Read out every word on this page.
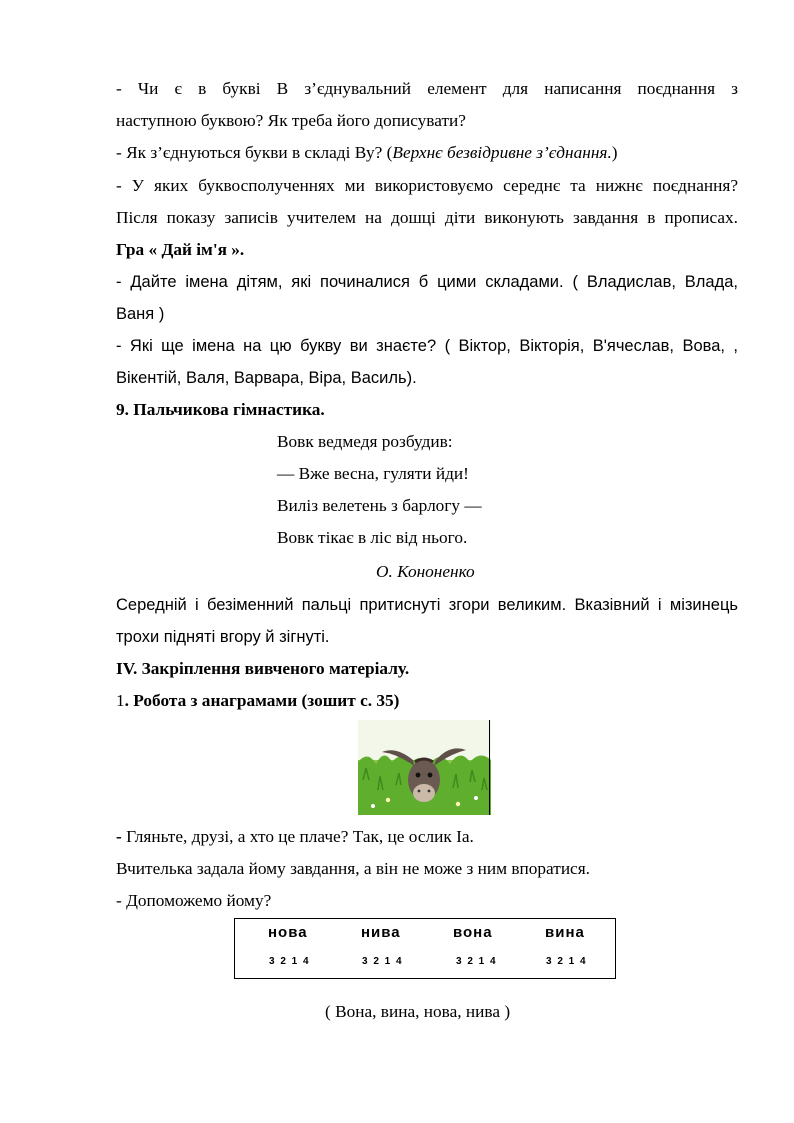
- Чи є в букві В з’єднувальний елемент для написання поєднання з
наступною буквою? Як треба його дописувати?
- Як з’єднуються букви в складі Ву? (Верхнє безвідривне з’єднання.)
- У яких буквосполученнях ми використовуємо середнє та нижнє поєднання?
Після показу записів учителем на дошці діти виконують завдання в прописах.
Гра « Дай ім'я ».
- Дайте імена дітям, які починалися б цими складами. ( Владислав, Влада,
Ваня )
- Які ще імена на цю букву ви знаєте? ( Віктор, Вікторія, В'ячеслав, Вова, ,
Вікентій, Валя, Варвара, Віра, Василь).
9. Пальчикова гімнастика.
Вовк ведмедя розбудив:
— Вже весна, гуляти йди!
Виліз велетень з барлогу —
Вовк тікає в ліс від нього.
О. Кононенко
Середній і безіменний пальці притиснуті згори великим. Вказівний і мізинець
трохи підняті вгору й зігнуті.
IV. Закріплення вивченого матеріалу.
1. Робота з анаграмами (зошит с. 35)
- Гляньте, друзі, а хто це плаче? Так, це ослик Іа.
Вчителька задала йому завдання, а він не може з ним впоратися.
- Допоможемо йому?
нова
3 2 1 4
нива
3 2 1 4
вона
3 2 1 4
вина
3 2 1 4
( Вона, вина, нова, нива )
